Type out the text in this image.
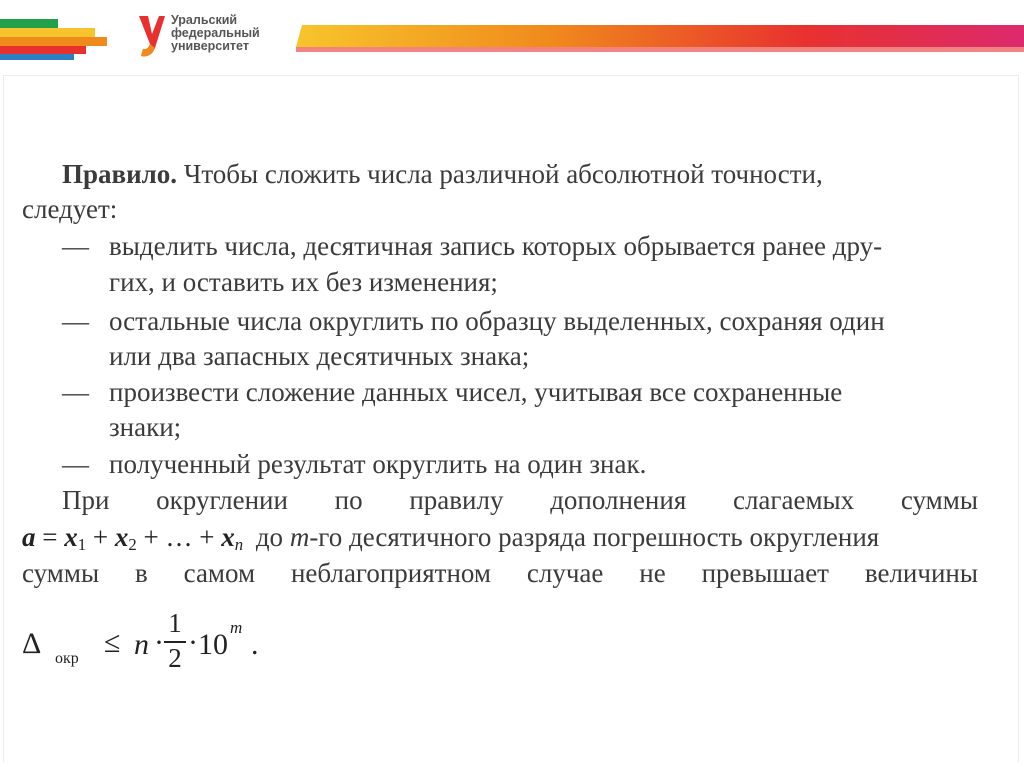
Уральский
федеральный
университет
Правило. Чтобы сложить числа различной абсолютной точности,
следует:
— выделить числа, десятичная запись которых обрывается ранее дру-
гих, и оставить их без изменения;
— остальные числа округлить по образцу выделенных, сохраняя один
или два запасных десятичных знака;
— произвести сложение данных чисел, учитывая все сохраненные
знаки;
— полученный результат округлить на один знак.
При округлении по правилу дополнения слагаемых суммы
$a = x_1 + x_2$ + … + $x_n$ до m-го десятичного разряда погрешность округления
суммы в самом неблагоприятном случае не превышает величины
Δ окр ≤ n ·
1
2 · 10
m
.
